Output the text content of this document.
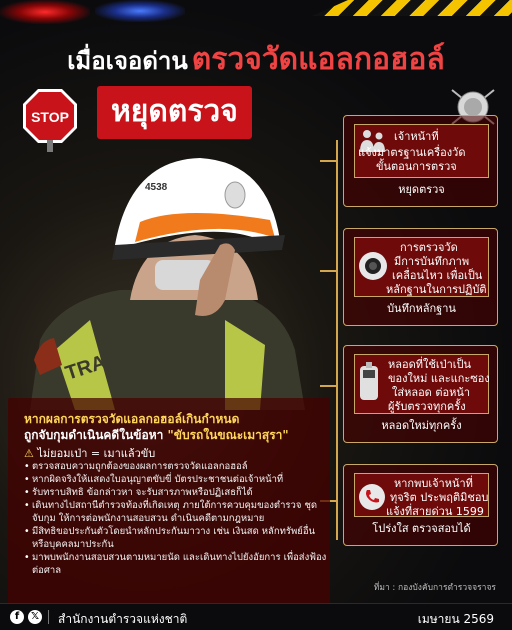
เมื่อเจอด่าน ตรวจวัดแอลกอฮอล์
STOP	หยุดตรวจ
TRA
4538
เจ้าหน้าที่
แจ้งมาตรฐานเครื่องวัด
ขั้นตอนการตรวจ
หยุดตรวจ
การตรวจวัด
มีการบันทึกภาพ
เคลื่อนไหว เพื่อเป็น
หลักฐานในการปฏิบัติ
บันทึกหลักฐาน
หลอดที่ใช้เป่าเป็น
ของใหม่ และแกะซอง
ใส่หลอด ต่อหน้า
ผู้รับตรวจทุกครั้ง
หลอดใหม่ทุกครั้ง
หากพบเจ้าหน้าที่
ทุจริต ประพฤติมิชอบ
แจ้งที่สายด่วน 1599
โปร่งใส ตรวจสอบได้
หากผลการตรวจวัดแอลกอฮอล์เกินกำหนด
ถูกจับกุมดำเนินคดีในข้อหา "ขับรถในขณะเมาสุรา"
⚠ ไม่ยอมเป่า = เมาแล้วขับ
• ตรวจสอบความถูกต้องของผลการตรวจวัดแอลกอฮอล์
• หากผิดจริงให้แสดงใบอนุญาตขับขี่ บัตรประชาชนต่อเจ้าหน้าที่
• รับทราบสิทธิ ข้อกล่าวหา จะรับสารภาพหรือปฏิเสธก็ได้
• เดินทางไปสถานีตำรวจท้องที่เกิดเหตุ ภายใต้การควบคุมของตำรวจ ชุดจับกุม ให้การต่อพนักงานสอบสวน ดำเนินคดีตามกฎหมาย
• มีสิทธิขอประกันตัวโดยนำหลักประกันมาวาง เช่น เงินสด หลักทรัพย์อื่น หรือบุคคลมาประกัน
• มาพบพนักงานสอบสวนตามหมายนัด และเดินทางไปยังอัยการ เพื่อส่งฟ้องต่อศาล
ที่มา : กองบังคับการตำรวจจราจร
f	𝕏 สำนักงานตำรวจแห่งชาติ	เมษายน 2569
